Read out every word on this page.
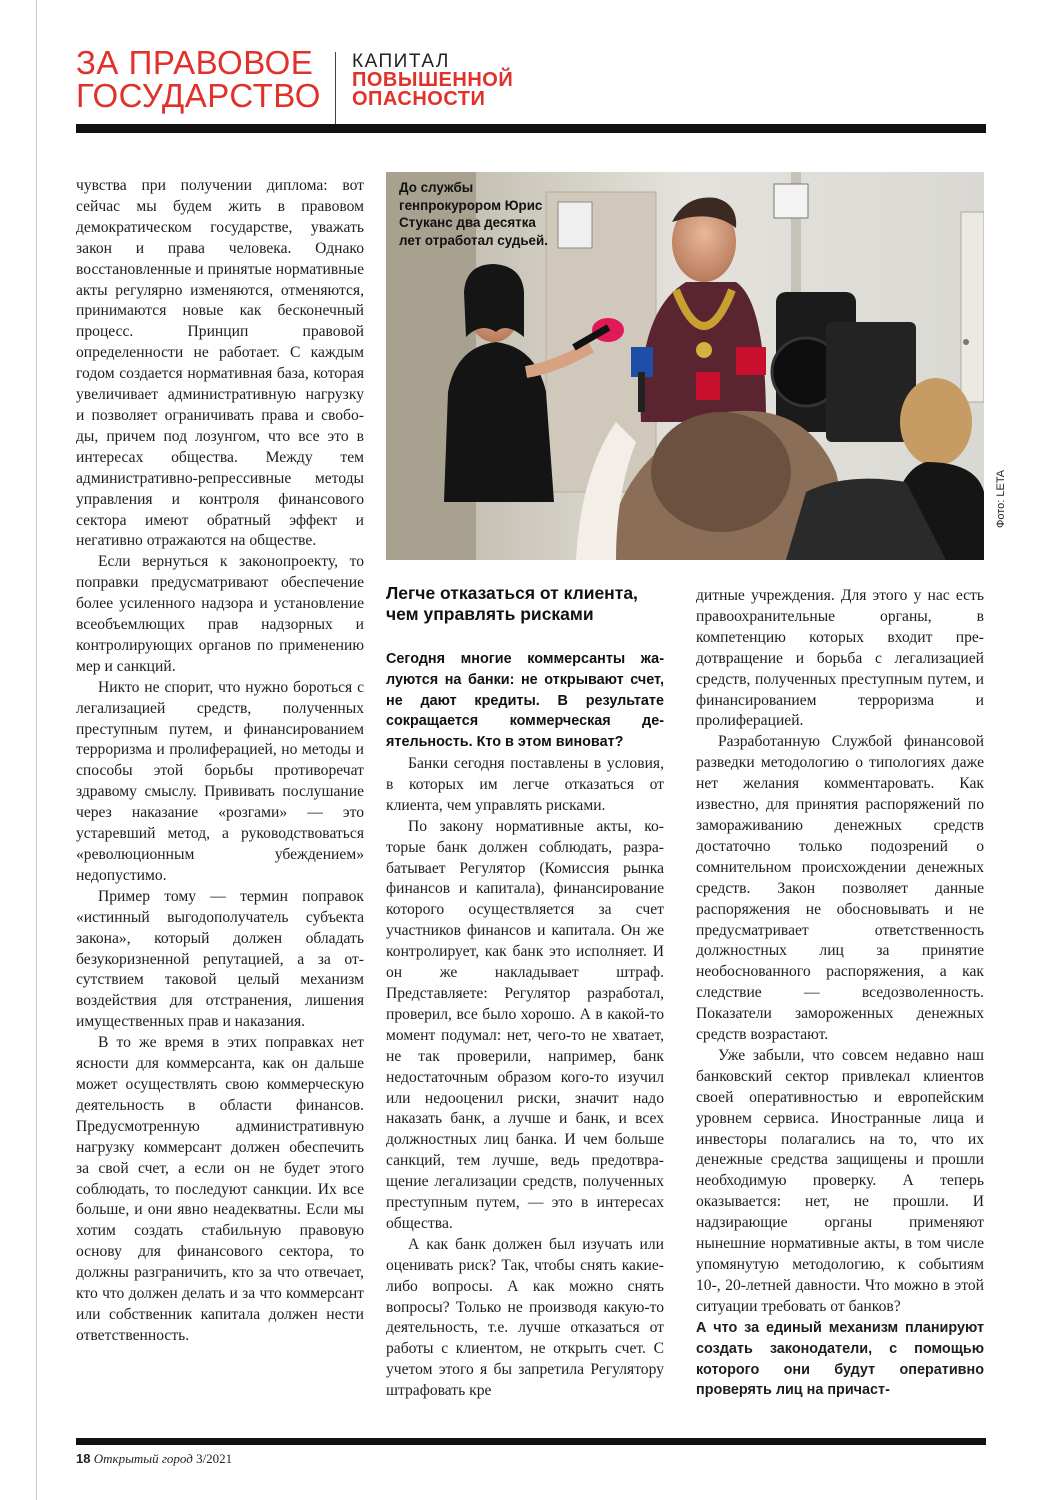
ЗА ПРАВОВОЕ
ГОСУДАРСТВО
КАПИТАЛ
ПОВЫШЕННОЙ
ОПАСНОСТИ

чувства при получении диплома: вот сейчас мы будем жить в правовом демократическом государстве, уважать закон и права человека. Однако восстановленные и принятые нормативные акты регулярно изменяются, отменяются, принимаются новые как бесконечный процесс. Принцип правовой определенности не работает. С каждым годом создается нормативная база, которая увеличивает административную нагрузку и позволяет ограничивать права и свободы, причем под лозунгом, что все это в интересах общества. Между тем административно-репрессивные методы управления и контроля финансового сектора имеют обратный эффект и негативно отражаются на обществе.

Если вернуться к законопроекту, то поправки предусматривают обеспечение более усиленного надзора и установление всеобъемлющих прав надзорных и контролирующих органов по применению мер и санкций.

Никто не спорит, что нужно бороться с легализацией средств, полученных преступным путем, и финансированием терроризма и пролиферацией, но методы и способы этой борьбы противоречат здравому смыслу. Прививать послушание через наказание «розгами» — это устаревший метод, а руководствоваться «революционным убеждением» недопустимо.

Пример тому — термин поправок «истинный выгодополучатель субъекта закона», который должен обладать безукоризненной репутацией, а за отсутствием таковой целый механизм воздействия для отстранения, лишения имущественных прав и наказания.

В то же время в этих поправках нет ясности для коммерсанта, как он дальше может осуществлять свою коммерческую деятельность в области финансов. Предусмотренную административную нагрузку коммерсант должен обеспечить за свой счет, а если он не будет этого соблюдать, то последуют санкции. Их все больше, и они явно неадекватны. Если мы хотим создать стабильную правовую основу для финансового сектора, то должны разграничить, кто за что отвечает, кто что должен делать и за что коммерсант или собственник капитала должен нести ответственность.

До службы генпрокурором Юрис Стуканс два десятка лет отработал судьей.
Фото: LETA
Легче отказаться от клиента, чем управлять рисками
Сегодня многие коммерсанты жалуются на банки: не открывают счет, не дают кредиты. В результате сокращается коммерческая деятельность. Кто в этом виноват?

Банки сегодня поставлены в условия, в которых им легче отказаться от клиента, чем управлять рисками.

По закону нормативные акты, которые банк должен соблюдать, разрабатывает Регулятор (Комиссия рынка финансов и капитала), финансирование которого осуществляется за счет участников финансов и капитала. Он же контролирует, как банк это исполняет. И он же накладывает штраф. Представляете: Регулятор разработал, проверил, все было хорошо. А в какой-то момент подумал: нет, чего-то не хватает, не так проверили, например, банк недостаточным образом кого-то изучил или недооценил риски, значит надо наказать банк, а лучше и банк, и всех должностных лиц банка. И чем больше санкций, тем лучше, ведь предотвращение легализации средств, полученных преступным путем, — это в интересах общества.

А как банк должен был изучать или оценивать риск? Так, чтобы снять какие-либо вопросы. А как можно снять вопросы? Только не производя какую-то деятельность, т.е. лучше отказаться от работы с клиентом, не открыть счет. С учетом этого я бы запретила Регулятору штрафовать кре

дитные учреждения. Для этого у нас есть правоохранительные органы, в компетенцию которых входит предотвращение и борьба с легализацией средств, полученных преступным путем, и финансированием терроризма и пролиферацией.

Разработанную Службой финансовой разведки методологию о типологиях даже нет желания комментаровать. Как известно, для принятия распоряжений по замораживанию денежных средств достаточно только подозрений о сомнительном происхождении денежных средств. Закон позволяет данные распоряжения не обосновывать и не предусматривает ответственность должностных лиц за принятие необоснованного распоряжения, а как следствие — вседозволенность. Показатели замороженных денежных средств возрастают.

Уже забыли, что совсем недавно наш банковский сектор привлекал клиентов своей оперативностью и европейским уровнем сервиса. Иностранные лица и инвесторы полагались на то, что их денежные средства защищены и прошли необходимую проверку. А теперь оказывается: нет, не прошли. И надзирающие органы применяют нынешние нормативные акты, в том числе упомянутую методологию, к событиям 10-, 20-летней давности. Что можно в этой ситуации требовать от банков?

А что за единый механизм планируют создать законодатели, с помощью которого они будут оперативно проверять лиц на причаст-

18 Открытый город 3/2021
